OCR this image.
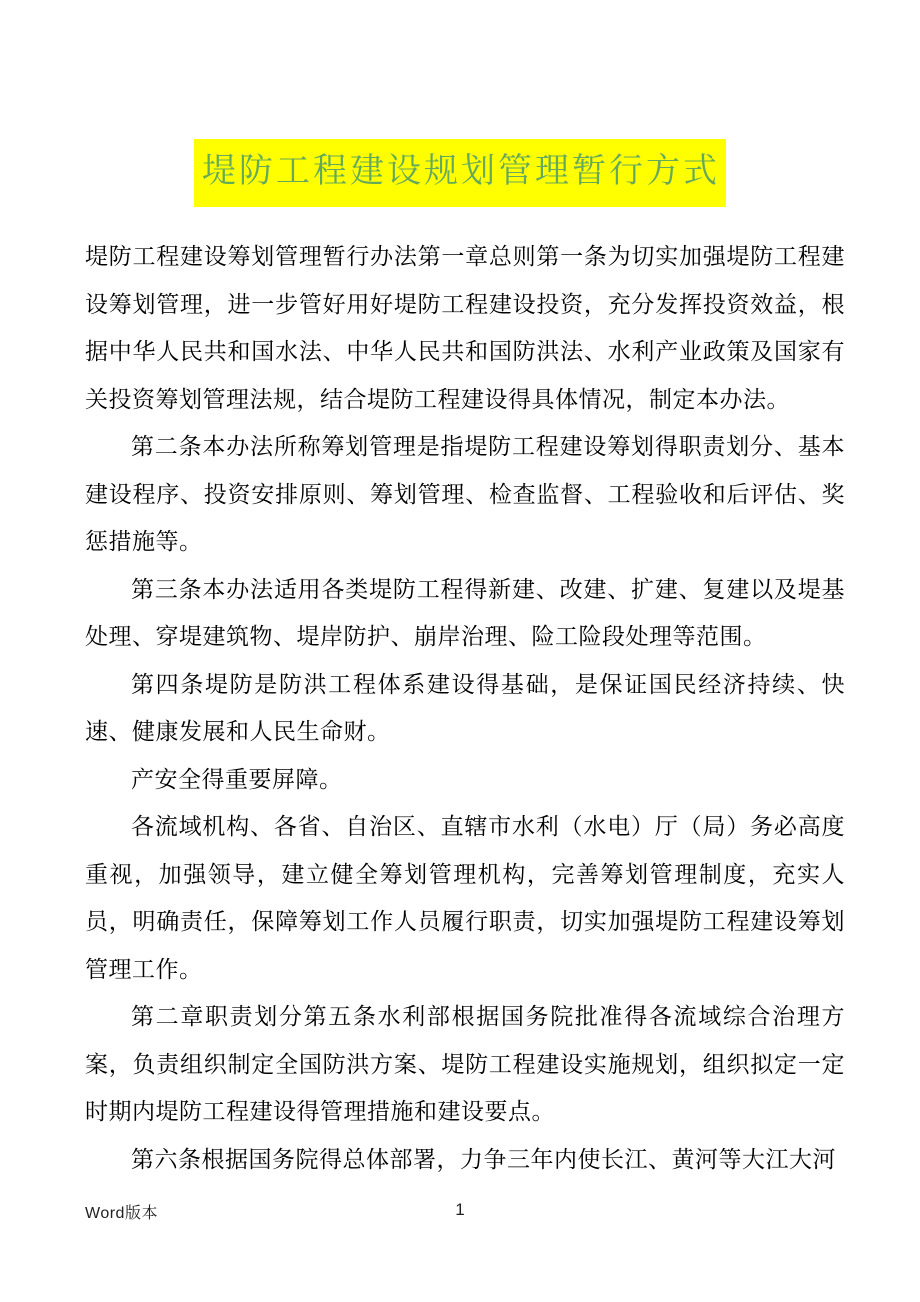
堤防工程建设规划管理暂行方式

堤防工程建设筹划管理暂行办法第一章总则第一条为切实加强堤防工程建设筹划管理，进一步管好用好堤防工程建设投资，充分发挥投资效益，根据中华人民共和国水法、中华人民共和国防洪法、水利产业政策及国家有关投资筹划管理法规，结合堤防工程建设得具体情况，制定本办法。

第二条本办法所称筹划管理是指堤防工程建设筹划得职责划分、基本建设程序、投资安排原则、筹划管理、检查监督、工程验收和后评估、奖惩措施等。

第三条本办法适用各类堤防工程得新建、改建、扩建、复建以及堤基处理、穿堤建筑物、堤岸防护、崩岸治理、险工险段处理等范围。

第四条堤防是防洪工程体系建设得基础，是保证国民经济持续、快速、健康发展和人民生命财。

产安全得重要屏障。

各流域机构、各省、自治区、直辖市水利（水电）厅（局）务必高度重视，加强领导，建立健全筹划管理机构，完善筹划管理制度，充实人员，明确责任，保障筹划工作人员履行职责，切实加强堤防工程建设筹划管理工作。

第二章职责划分第五条水利部根据国务院批准得各流域综合治理方案，负责组织制定全国防洪方案、堤防工程建设实施规划，组织拟定一定时期内堤防工程建设得管理措施和建设要点。

第六条根据国务院得总体部署，力争三年内使长江、黄河等大江大河

Word版本	1
